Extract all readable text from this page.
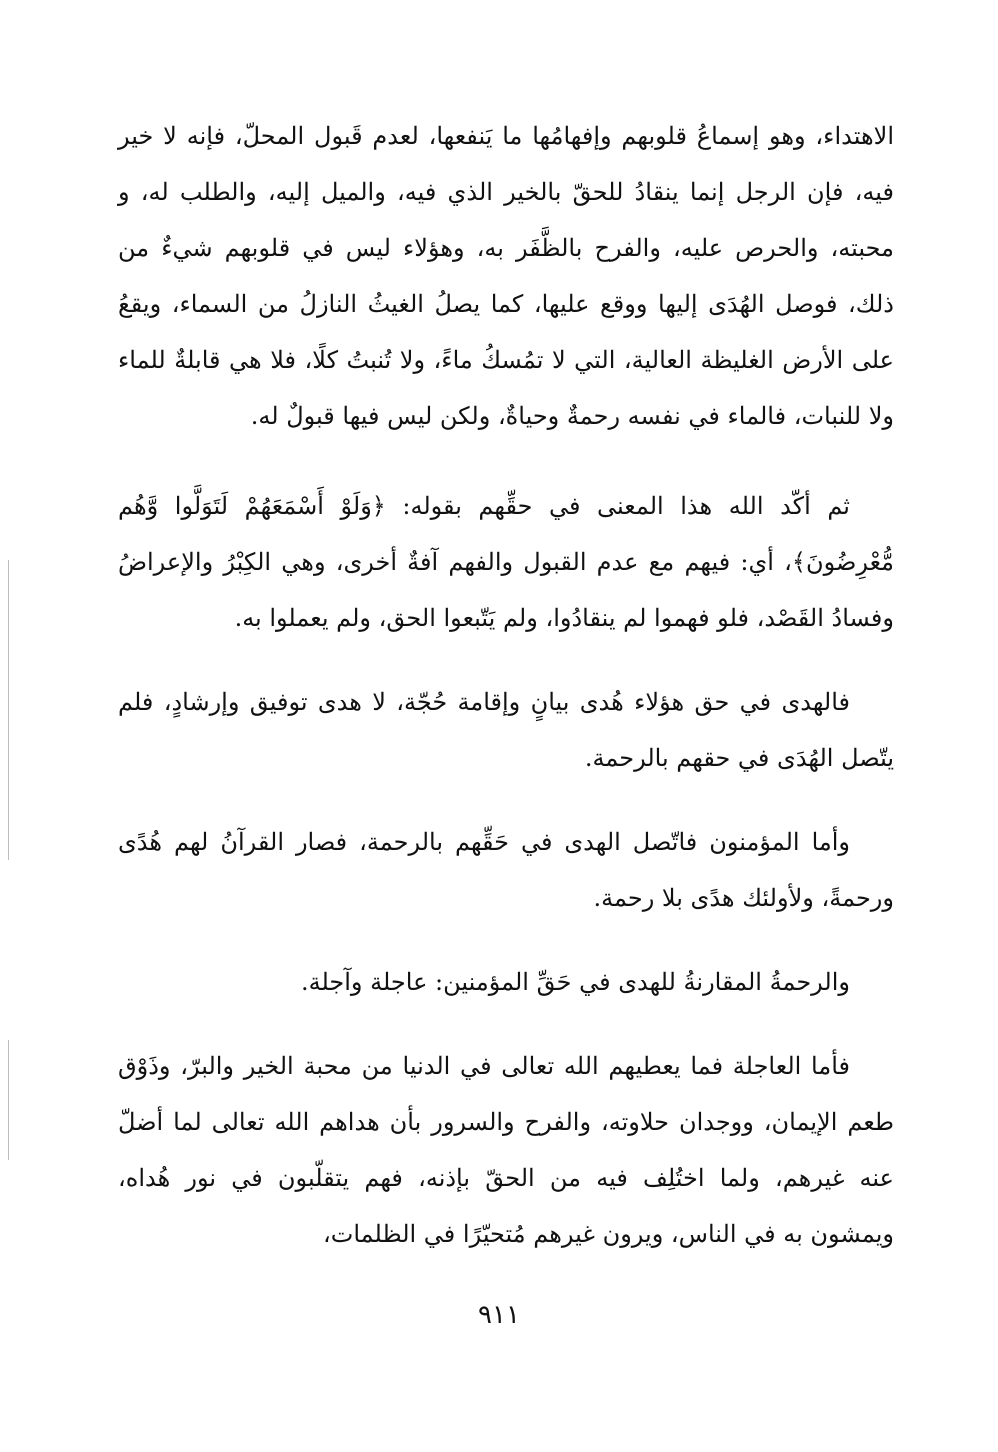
الاهتداء، وهو إسماعُ قلوبهم وإفهامُها ما يَنفعها، لعدم قَبول المحلّ، فإنه لا خير فيه، فإن الرجل إنما ينقادُ للحقّ بالخير الذي فيه، والميل إليه، والطلب له، و محبته، والحرص عليه، والفرح بالظَّفَر به، وهؤلاء ليس في قلوبهم شيءٌ من ذلك، فوصل الهُدَى إليها ووقع عليها، كما يصلُ الغيثُ النازلُ من السماء، ويقعُ على الأرض الغليظة العالية، التي لا تمُسكُ ماءً، ولا تُنبتُ كلًا، فلا هي قابلةٌ للماء ولا للنبات، فالماء في نفسه رحمةٌ وحياةٌ، ولكن ليس فيها قبولٌ له.

ثم أكّد الله هذا المعنى في حقِّهم بقوله: ﴿وَلَوْ أَسْمَعَهُمْ لَتَوَلَّوا وَّهُم مُّعْرِضُونَ﴾، أي: فيهم مع عدم القبول والفهم آفةٌ أخرى، وهي الكِبْرُ والإعراضُ وفسادُ القَصْد، فلو فهموا لم ينقادُوا، ولم يَتّبعوا الحق، ولم يعملوا به.

فالهدى في حق هؤلاء هُدى بيانٍ وإقامة حُجّة، لا هدى توفيق وإرشادٍ، فلم يتّصل الهُدَى في حقهم بالرحمة.

وأما المؤمنون فاتّصل الهدى في حَقِّهم بالرحمة، فصار القرآنُ لهم هُدًى ورحمةً، ولأولئك هدًى بلا رحمة.

والرحمةُ المقارنةُ للهدى في حَقِّ المؤمنين: عاجلة وآجلة.

فأما العاجلة فما يعطيهم الله تعالى في الدنيا من محبة الخير والبرّ، وذَوْق طعم الإيمان، ووجدان حلاوته، والفرح والسرور بأن هداهم الله تعالى لما أضلّ عنه غيرهم، ولما اختُلِف فيه من الحقّ بإذنه، فهم يتقلّبون في نور هُداه، ويمشون به في الناس، ويرون غيرهم مُتحيّرًا في الظلمات،

٩١١
